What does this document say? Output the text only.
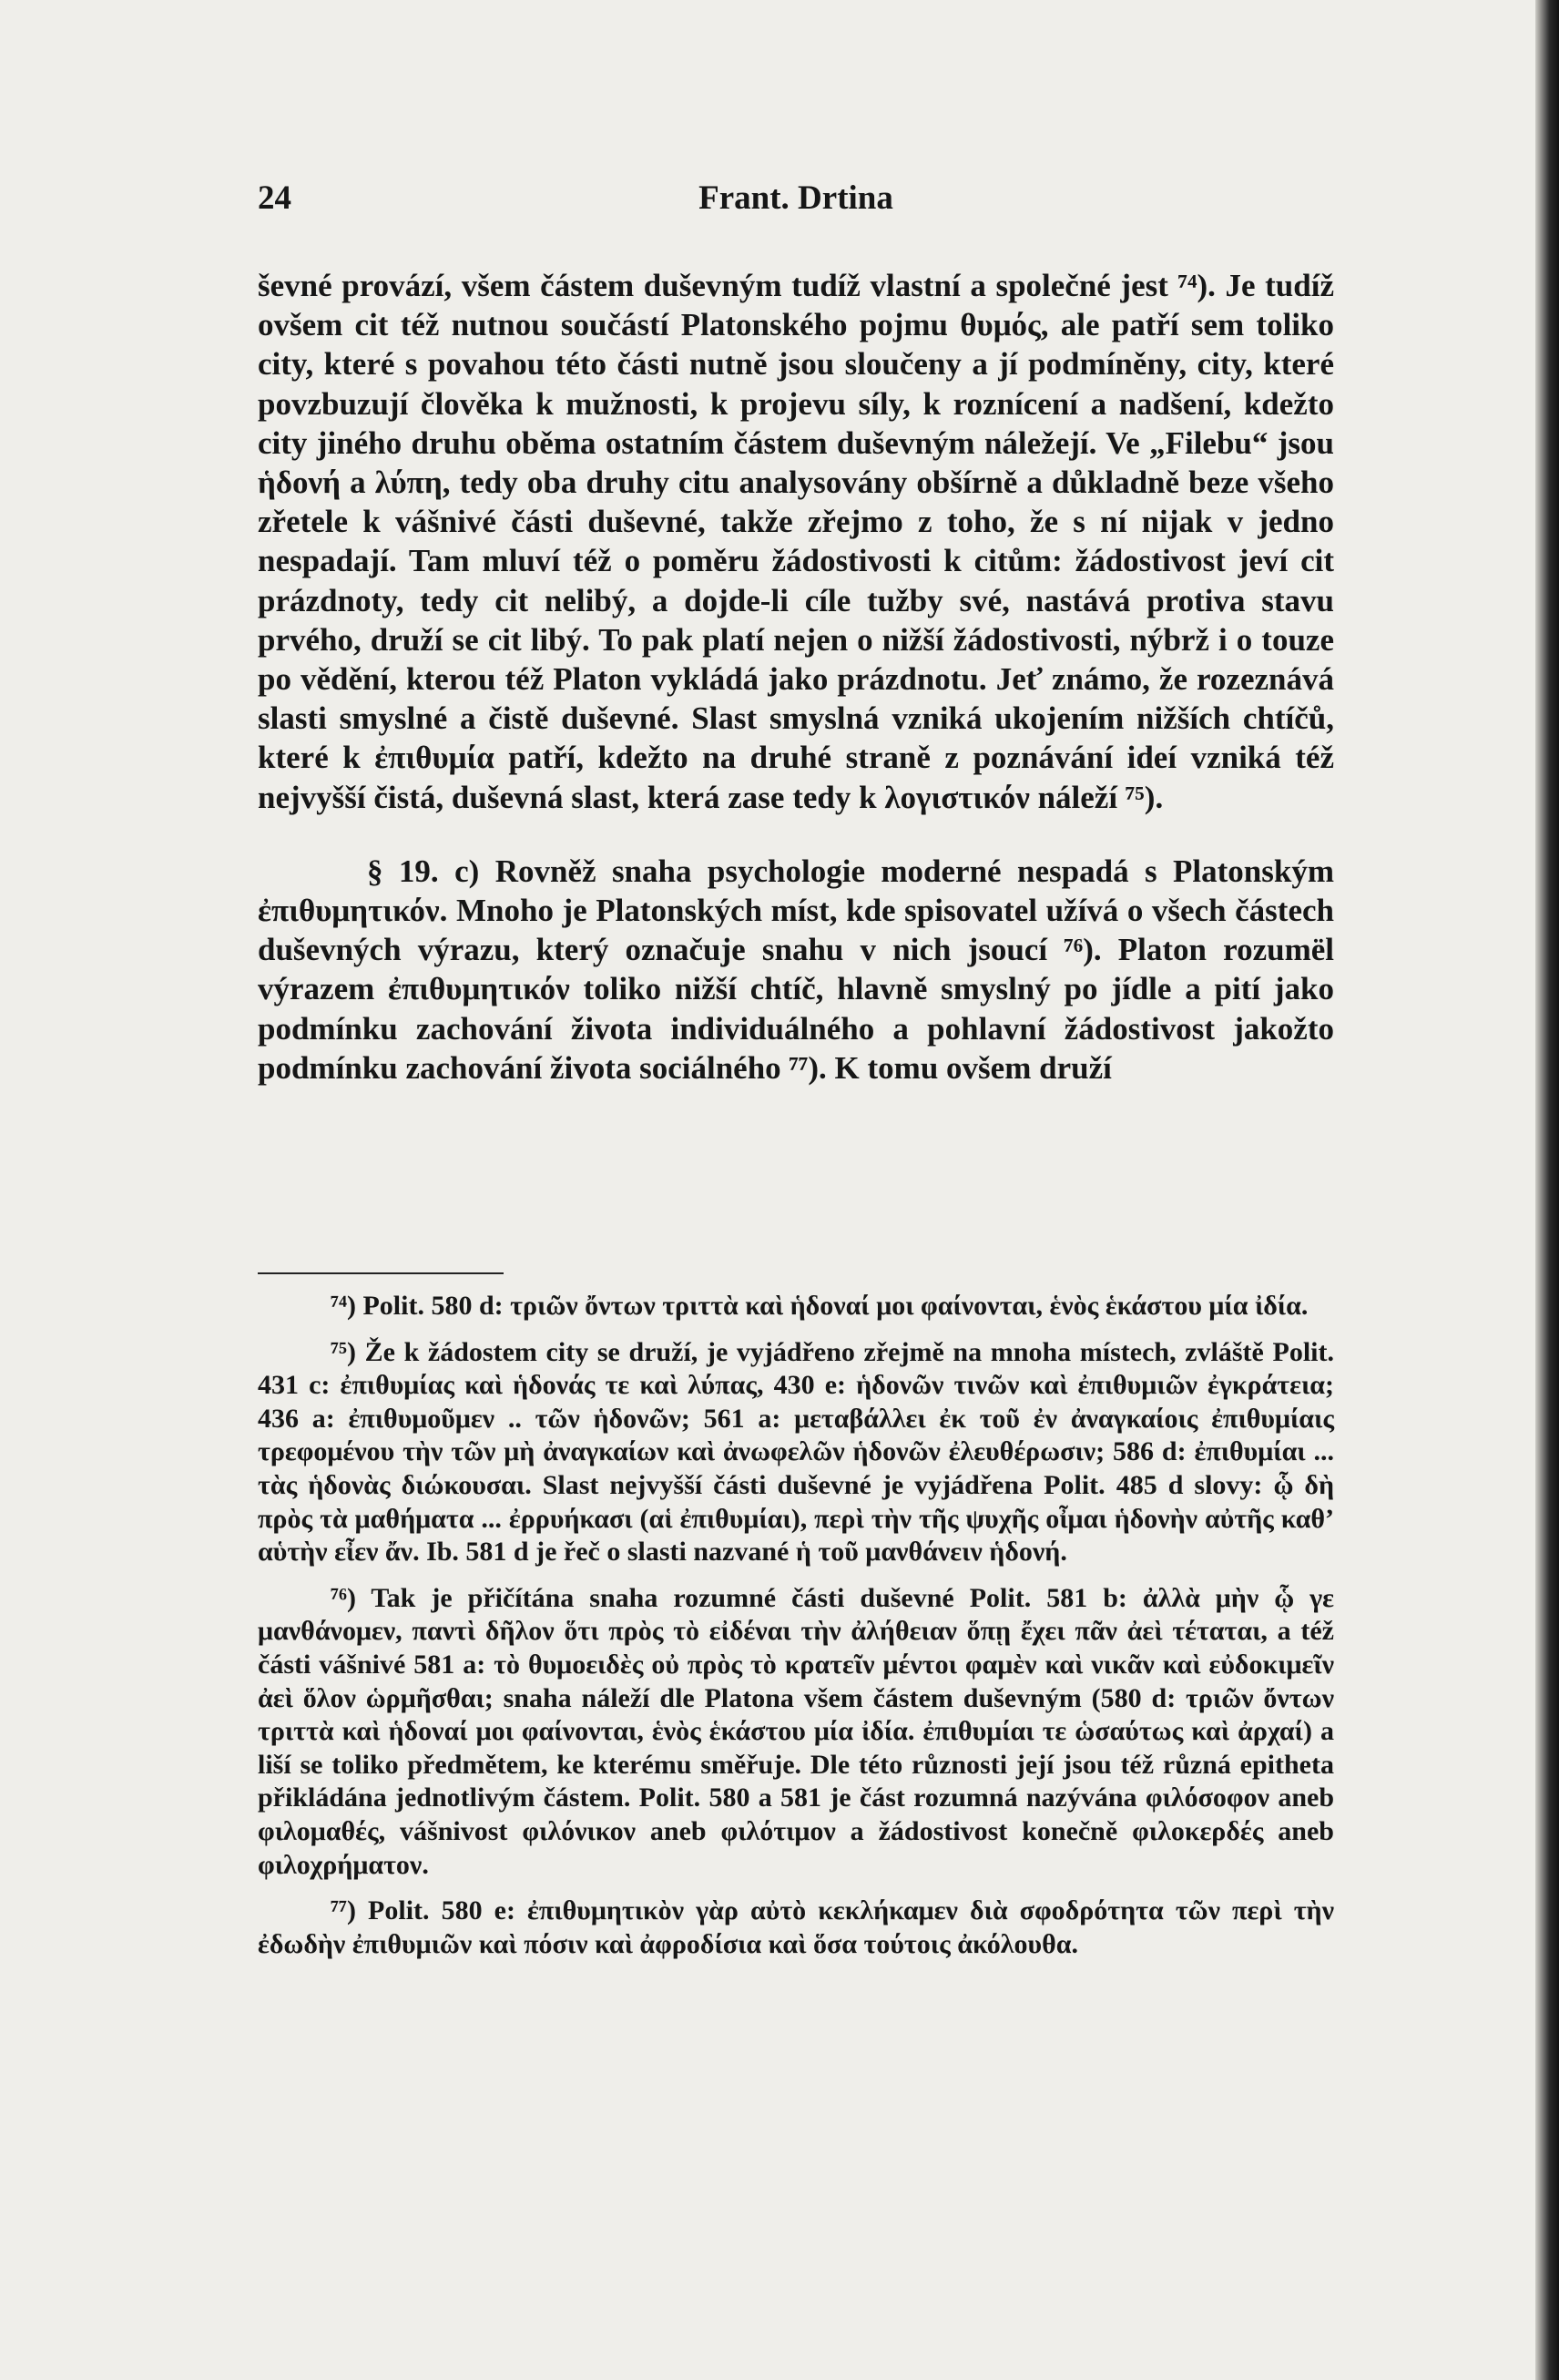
24	Frant. Drtina

ševné provází, všem částem duševným tudíž vlastní a společné jest ⁷⁴). Je tudíž ovšem cit též nutnou součástí Platonského pojmu θυμός, ale patří sem toliko city, které s povahou této části nutně jsou sloučeny a jí podmíněny, city, které povzbuzují člověka k mužnosti, k projevu síly, k roznícení a nadšení, kdežto city jiného druhu oběma ostatním částem duševným náležejí. Ve „Filebu“ jsou ἡδονή a λύπη, tedy oba druhy citu analysovány obšírně a důkladně beze všeho zřetele k vášnivé části duševné, takže zřejmo z toho, že s ní nijak v jedno nespadají. Tam mluví též o poměru žádostivosti k citům: žádostivost jeví cit prázdnoty, tedy cit nelibý, a dojde-li cíle tužby své, nastává protiva stavu prvého, druží se cit libý. To pak platí nejen o nižší žádostivosti, nýbrž i o touze po vědění, kterou též Platon vykládá jako prázdnotu. Jeť známo, že rozeznává slasti smyslné a čistě duševné. Slast smyslná vzniká ukojením nižších chtíčů, které k ἐπιθυμία patří, kdežto na druhé straně z poznávání ideí vzniká též nejvyšší čistá, duševná slast, která zase tedy k λογιστικόν náleží ⁷⁵).

§ 19. c) Rovněž snaha psychologie moderné nespadá s Platonským ἐπιθυμητικόν. Mnoho je Platonských míst, kde spisovatel užívá o všech částech duševných výrazu, který označuje snahu v nich jsoucí ⁷⁶). Platon rozumël výrazem ἐπιθυμητικόν toliko nižší chtíč, hlavně smyslný po jídle a pití jako podmínku zachování života individuálného a pohlavní žádostivost jakožto podmínku zachování života sociálného ⁷⁷). K tomu ovšem druží

⁷⁴) Polit. 580 d: τριῶν ὄντων τριττὰ καὶ ἡδοναί μοι φαίνονται, ἑνὸς ἑκάστου μία ἰδία.

⁷⁵) Že k žádostem city se druží, je vyjádřeno zřejmě na mnoha místech, zvláště Polit. 431 c: ἐπιθυμίας καὶ ἡδονάς τε καὶ λύπας, 430 e: ἡδονῶν τινῶν καὶ ἐπιθυμιῶν ἐγκράτεια; 436 a: ἐπιθυμοῦμεν .. τῶν ἡδονῶν; 561 a: μεταβάλλει ἐκ τοῦ ἐν ἀναγκαίοις ἐπιθυμίαις τρεφομένου τὴν τῶν μὴ ἀναγκαίων καὶ ἀνωφελῶν ἡδονῶν ἐλευθέρωσιν; 586 d: ἐπιθυμίαι ... τὰς ἡδονὰς διώκουσαι. Slast nejvyšší části duševné je vyjádřena Polit. 485 d slovy: ᾧ δὴ πρὸς τὰ μαθήματα ... ἐρρυήκασι (αἱ ἐπιθυμίαι), περὶ τὴν τῆς ψυχῆς οἶμαι ἡδονὴν αὐτῆς καθ’ αὑτὴν εἶεν ἄν. Ib. 581 d je řeč o slasti nazvané ἡ τοῦ μανθάνειν ἡδονή.

⁷⁶) Tak je přičítána snaha rozumné části duševné Polit. 581 b: ἀλλὰ μὴν ᾧ γε μανθάνομεν, παντὶ δῆλον ὅτι πρὸς τὸ εἰδέναι τὴν ἀλήθειαν ὅπῃ ἔχει πᾶν ἀεὶ τέταται, a též části vášnivé 581 a: τὸ θυμοειδὲς οὐ πρὸς τὸ κρατεῖν μέντοι φαμὲν καὶ νικᾶν καὶ εὐδοκιμεῖν ἀεὶ ὅλον ὡρμῆσθαι; snaha náleží dle Platona všem částem duševným (580 d: τριῶν ὄντων τριττὰ καὶ ἡδοναί μοι φαίνονται, ἑνὸς ἑκάστου μία ἰδία. ἐπιθυμίαι τε ὡσαύτως καὶ ἀρχαί) a liší se toliko předmětem, ke kterému směřuje. Dle této různosti její jsou též různá epitheta přikládána jednotlivým částem. Polit. 580 a 581 je část rozumná nazývána φιλόσοφον aneb φιλομαθές, vášnivost φιλόνικον aneb φιλότιμον a žádostivost konečně φιλοκερδές aneb φιλοχρήματον.

⁷⁷) Polit. 580 e: ἐπιθυμητικὸν γὰρ αὐτὸ κεκλήκαμεν διὰ σφοδρότητα τῶν περὶ τὴν ἐδωδὴν ἐπιθυμιῶν καὶ πόσιν καὶ ἀφροδίσια καὶ ὅσα τούτοις ἀκόλουθα.
